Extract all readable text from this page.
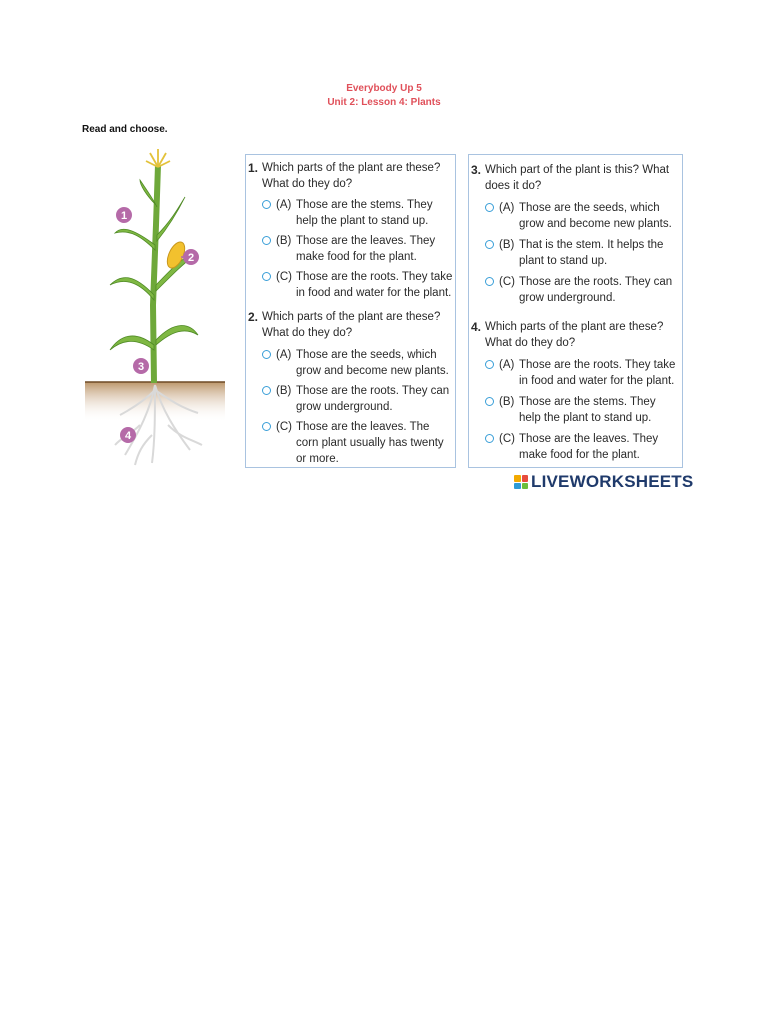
Everybody Up 5
Unit 2: Lesson 4: Plants
Read and choose.
1
2
3
4
1. Which parts of the plant are these? What do they do?
(A) Those are the stems. They help the plant to stand up.
(B) Those are the leaves. They make food for the plant.
(C) Those are the roots. They take in food and water for the plant.
2. Which parts of the plant are these? What do they do?
(A) Those are the seeds, which grow and become new plants.
(B) Those are the roots. They can grow underground.
(C) Those are the leaves. The corn plant usually has twenty or more.
3. Which part of the plant is this? What does it do?
(A) Those are the seeds, which grow and become new plants.
(B) That is the stem. It helps the plant to stand up.
(C) Those are the roots. They can grow underground.
4. Which parts of the plant are these? What do they do?
(A) Those are the roots. They take in food and water for the plant.
(B) Those are the stems. They help the plant to stand up.
(C) Those are the leaves. They make food for the plant.
LIVEWORKSHEETS
